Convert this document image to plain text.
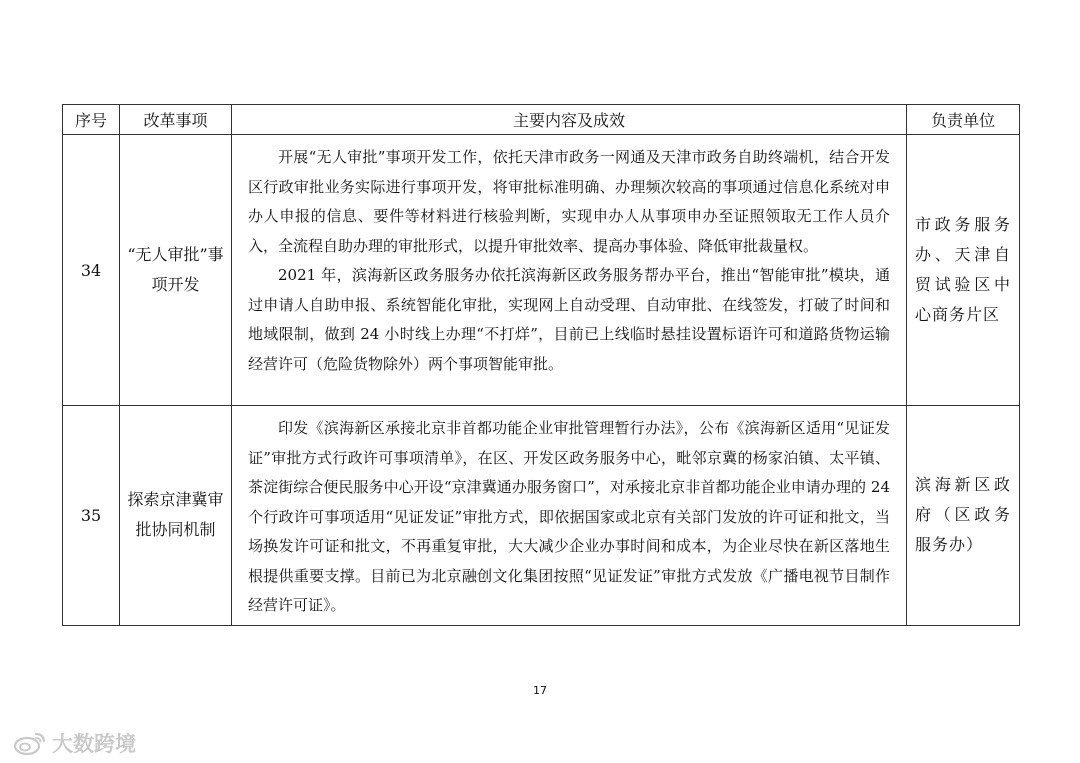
序号	改革事项	主要内容及成效	负责单位
34	“无人审批”事项开发	开展“无人审批”事项开发工作，依托天津市政务一网通及天津市政务自助终端机，结合开发区行政审批业务实际进行事项开发，将审批标准明确、办理频次较高的事项通过信息化系统对申办人申报的信息、要件等材料进行核验判断，实现申办人从事项申办至证照领取无工作人员介入，全流程自助办理的审批形式，以提升审批效率、提高办事体验、降低审批裁量权。

2021 年，滨海新区政务服务办依托滨海新区政务服务帮办平台，推出“智能审批”模块，通过申请人自助申报、系统智能化审批，实现网上自动受理、自动审批、在线签发，打破了时间和地域限制，做到 24 小时线上办理“不打烊”，目前已上线临时悬挂设置标语许可和道路货物运输经营许可（危险货物除外）两个事项智能审批。	市政务服务办、天津自贸试验区中心商务片区
35	探索京津冀审批协同机制	印发《滨海新区承接北京非首都功能企业审批管理暂行办法》，公布《滨海新区适用“见证发证”审批方式行政许可事项清单》，在区、开发区政务服务中心，毗邻京冀的杨家泊镇、太平镇、茶淀街综合便民服务中心开设“京津冀通办服务窗口”，对承接北京非首都功能企业申请办理的 24 个行政许可事项适用“见证发证”审批方式，即依据国家或北京有关部门发放的许可证和批文，当场换发许可证和批文，不再重复审批，大大减少企业办事时间和成本，为企业尽快在新区落地生根提供重要支撑。目前已为北京融创文化集团按照“见证发证”审批方式发放《广播电视节目制作经营许可证》。	滨海新区政府（区政务服务办）
17
大数跨境
